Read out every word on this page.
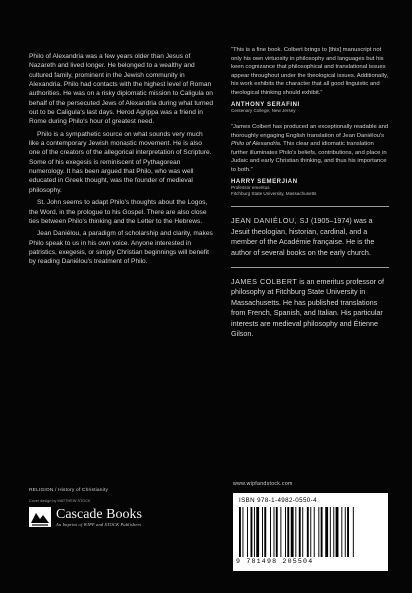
Philo of Alexandria was a few years older than Jesus of Nazareth and lived longer. He belonged to a wealthy and cultured family, prominent in the Jewish community in Alexandria. Philo had contacts with the highest level of Roman authorities. He was on a risky diplomatic mission to Caligula on behalf of the persecuted Jews of Alexandria during what turned out to be Caligula's last days. Herod Agrippa was a friend in Rome during Philo's hour of greatest need.

Philo is a sympathetic source on what sounds very much like a contemporary Jewish monastic movement. He is also one of the creators of the allegorical interpretation of Scripture. Some of his exegesis is reminiscent of Pythagorean numerology. It has been argued that Philo, who was well educated in Greek thought, was the founder of medieval philosophy.

St. John seems to adapt Philo's thoughts about the Logos, the Word, in the prologue to his Gospel. There are also close ties between Philo's thinking and the Letter to the Hebrews.

Jean Daniélou, a paradigm of scholarship and clarity, makes Philo speak to us in his own voice. Anyone interested in patristics, exegesis, or simply Christian beginnings will benefit by reading Daniélou's treatment of Philo.

“This is a fine book. Colbert brings to [this] manuscript not only his own virtuosity in philosophy and languages but his keen cognizance that philosophical and translational issues appear throughout under the theological issues. Additionally, his work exhibits the character that all good linguistic and theological thinking should exhibit.”

ANTHONY SERAFINI
Centenary College, New Jersey

“James Colbert has produced an exceptionally readable and thoroughly engaging English translation of Jean Daniélou's Philo of Alexandria. This clear and idiomatic translation further illuminates Philo's beliefs, contributions, and place in Judaic and early Christian thinking, and thus his importance to both.”

HARRY SEMERJIAN
Professor emeritus
Fitchburg State University, Massachusetts

JEAN DANIÉLOU, SJ (1905–1974) was a Jesuit theologian, historian, cardinal, and a member of the Académie française. He is the author of several books on the early church.

JAMES COLBERT is an emeritus professor of philosophy at Fitchburg State University in Massachusetts. He has published translations from French, Spanish, and Italian. His particular interests are medieval philosophy and Étienne Gilson.

RELIGION / History of Christianity
Cover design by MATTHEW STOCK
Cascade Books
An Imprint of WIPF and STOCK Publishers
www.wipfandstock.com
ISBN 978-1-4982-0550-4
9 781498 205504
